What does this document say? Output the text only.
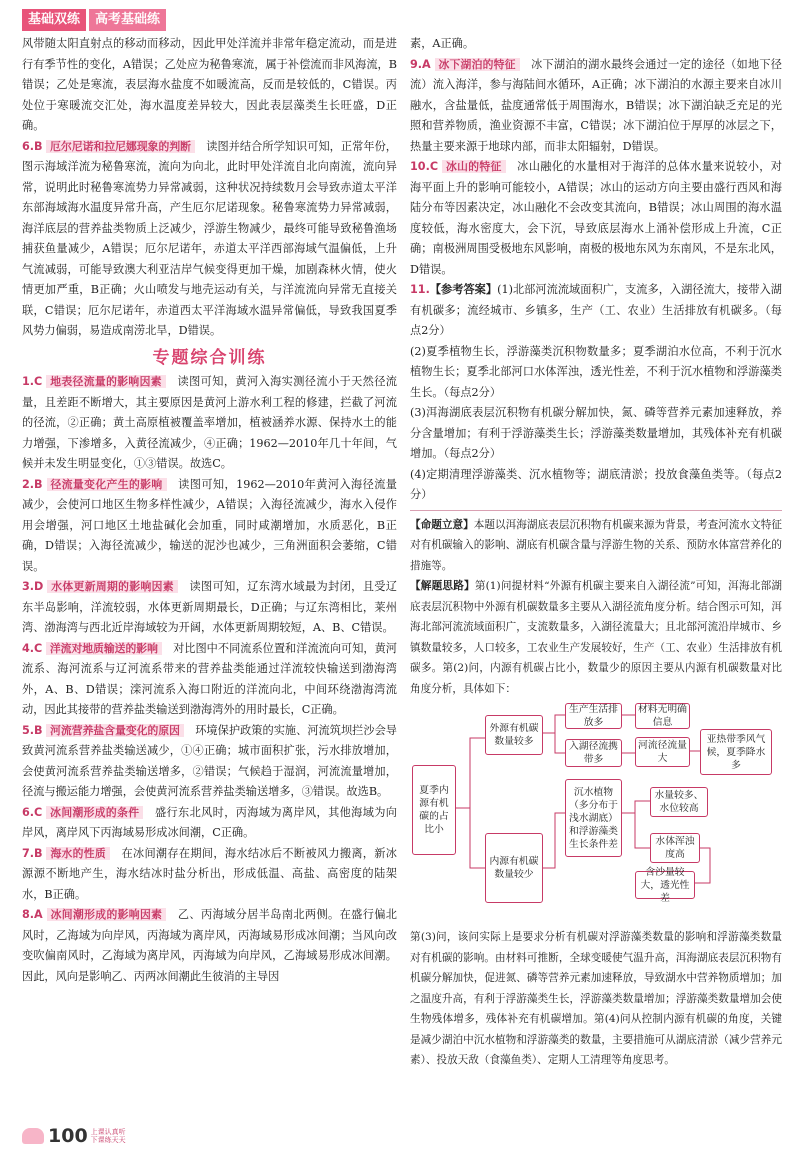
基础双练	高考基础练

风带随太阳直射点的移动而移动，因此甲处洋流并非常年稳定流动，而是进行有季节性的变化，A错误；乙处应为秘鲁寒流，属于补偿流而非风海流，B错误；乙处是寒流，表层海水盐度不如暖流高，反而是较低的，C错误。丙处位于寒暖流交汇处，海水温度差异较大，因此表层藻类生长旺盛，D正确。

6.B 厄尔尼诺和拉尼娜现象的判断　 读图并结合所学知识可知，正常年份，图示海域洋流为秘鲁寒流，流向为向北，此时甲处洋流自北向南流，流向异常，说明此时秘鲁寒流势力异常减弱，这种状况持续数月会导致赤道太平洋东部海域海水温度异常升高，产生厄尔尼诺现象。秘鲁寒流势力异常减弱，海洋底层的营养盐类物质上泛减少，浮游生物减少，最终可能导致秘鲁渔场捕获鱼量减少，A错误；厄尔尼诺年，赤道太平洋西部海域气温偏低，上升气流减弱，可能导致澳大利亚洁岸气候变得更加干燥，加剧森林火情，使火情更加严重，B正确；火山喷发与地壳运动有关，与洋流流向异常无直接关联，C错误；厄尔尼诺年，赤道西太平洋海域水温异常偏低，导致我国夏季风势力偏弱，易造成南涝北旱，D错误。

专题综合训练

1.C 地表径流量的影响因素　 读图可知，黄河入海实测径流小于天然径流量，且差距不断增大，其主要原因是黄河上游水利工程的修建，拦截了河流的径流，②正确；黄土高原植被覆盖率增加，植被涵养水源、保持水土的能力增强，下渗增多，入黄径流减少，④正确；1962—2010年几十年间，气候并未发生明显变化，①③错误。故选C。

2.B 径流量变化产生的影响　 读图可知，1962—2010年黄河入海径流量减少，会使河口地区生物多样性减少，A错误；入海径流减少，海水入侵作用会增强，河口地区土地盐碱化会加重，同时咸潮增加，水质恶化，B正确，D错误；入海径流减少，输送的泥沙也减少，三角洲面积会萎缩，C错误。

3.D 水体更新周期的影响因素　 读图可知，辽东湾水域最为封闭，且受辽东半岛影响，洋流较弱，水体更新周期最长，D正确；与辽东湾相比，莱州湾、渤海湾与西北近岸海域较为开阔，水体更新周期较短，A、B、C错误。

4.C 洋流对地质输送的影响　 对比图中不同流系位置和洋流流向可知，黄河流系、海河流系与辽河流系带来的营养盐类能通过洋流较快输送到渤海湾外，A、B、D错误；滦河流系入海口附近的洋流向北，中间环绕渤海湾流动，因此其接带的营养盐类输送到渤海湾外的用时最长，C正确。

5.B 河流营养盐含量变化的原因　 环境保护政策的实施、河流筑坝拦沙会导致黄河流系营养盐类输送减少，①④正确；城市面积扩张，污水排放增加，会使黄河流系营养盐类输送增多，②错误；气候趋于湿润，河流流量增加，径流与搬运能力增强，会使黄河流系营养盐类输送增多，③错误。故选B。

6.C 冰间潮形成的条件　 盛行东北风时，丙海域为离岸风，其他海域为向岸风，离岸风下丙海域易形成冰间潮，C正确。

7.B 海水的性质　 在冰间潮存在期间，海水结冰后不断被风力搬离，新冰源源不断地产生，海水结冰时盐分析出，形成低温、高盐、高密度的陆架水，B正确。

8.A 冰间潮形成的影响因素　 乙、丙海域分居半岛南北两侧。在盛行偏北风时，乙海域为向岸风，丙海域为离岸风，丙海域易形成冰间潮；当风向改变吹偏南风时，乙海域为离岸风，丙海域为向岸风，乙海域易形成冰间潮。因此，风向是影响乙、丙两冰间潮此生彼消的主导因

素，A正确。

9.A 冰下湖泊的特征　 冰下湖泊的湖水最终会通过一定的途径（如地下径流）流入海洋，参与海陆间水循环，A正确；冰下湖泊的水源主要来自冰川融水，含盐量低，盐度通常低于周围海水，B错误；冰下湖泊缺乏充足的光照和营养物质，渔业资源不丰富，C错误；冰下湖泊位于厚厚的冰层之下，热量主要来源于地球内部，而非太阳辐射，D错误。

10.C 冰山的特征　 冰山融化的水量相对于海洋的总体水量来说较小，对海平面上升的影响可能较小，A错误；冰山的运动方向主要由盛行西风和海陆分布等因素决定，冰山融化不会改变其流向，B错误；冰山周围的海水温度较低，海水密度大，会下沉，导致底层海水上涌补偿形成上升流，C正确；南极洲周围受极地东风影响，南极的极地东风为东南风，不是东北风，D错误。

11.【参考答案】(1)北部河流流域面积广，支流多，入湖径流大，接带入湖有机碳多；流经城市、乡镇多，生产（工、农业）生活排放有机碳多。（每点2分）

(2)夏季植物生长，浮游藻类沉积物数量多；夏季湖泊水位高，不利于沉水植物生长；夏季北部河口水体浑浊，透光性差，不利于沉水植物和浮游藻类生长。（每点2分）

(3)洱海湖底表层沉积物有机碳分解加快，氮、磷等营养元素加速释放，养分含量增加；有利于浮游藻类生长；浮游藻类数量增加，其残体补充有机碳增加。（每点2分）

(4)定期清理浮游藻类、沉水植物等；湖底清淤；投放食藻鱼类等。（每点2分）

【命题立意】本题以洱海湖底表层沉积物有机碳来源为背景，考查河流水文特征对有机碳输入的影响、湖底有机碳含量与浮游生物的关系、预防水体富营养化的措施等。

【解题思路】第(1)问提材料“外源有机碳主要来自入湖径流”可知，洱海北部湖底表层沉积物中外源有机碳数量多主要从入湖径流角度分析。结合图示可知，洱海北部河流流域面积广，支流数量多，入湖径流量大；且北部河流沿岸城市、乡镇数量较多，人口较多，工农业生产发展较好，生产（工、农业）生活排放有机碳多。第(2)问，内源有机碳占比小，数量少的原因主要从内源有机碳数量对比角度分析，具体如下：

夏季内源有机碳的占比小
外源有机碳数量较多
内源有机碳数量较少
生产生活排放多
入湖径流携带多
材料无明确信息
河流径流量大
亚热带季风气候，夏季降水多
沉水植物（多分布于浅水湖底）和浮游藻类生长条件差
水量较多、水位较高
水体浑浊度高
含沙量较大，透光性差

第(3)问，该问实际上是要求分析有机碳对浮游藻类数量的影响和浮游藻类数量对有机碳的影响。由材料可推断，全球变暖使气温升高，洱海湖底表层沉积物有机碳分解加快，促进氮、磷等营养元素加速释放，导致湖水中营养物质增加；加之温度升高，有利于浮游藻类生长，浮游藻类数量增加；浮游藻类数量增加会使生物残体增多，残体补充有机碳增加。第(4)问从控制内源有机碳的角度，关键是减少湖泊中沉水植物和浮游藻类的数量，主要措施可从湖底清淤（减少营养元素）、投放天敌（食藻鱼类）、定期人工清理等角度思考。

100 上课认真听
下课练天天
